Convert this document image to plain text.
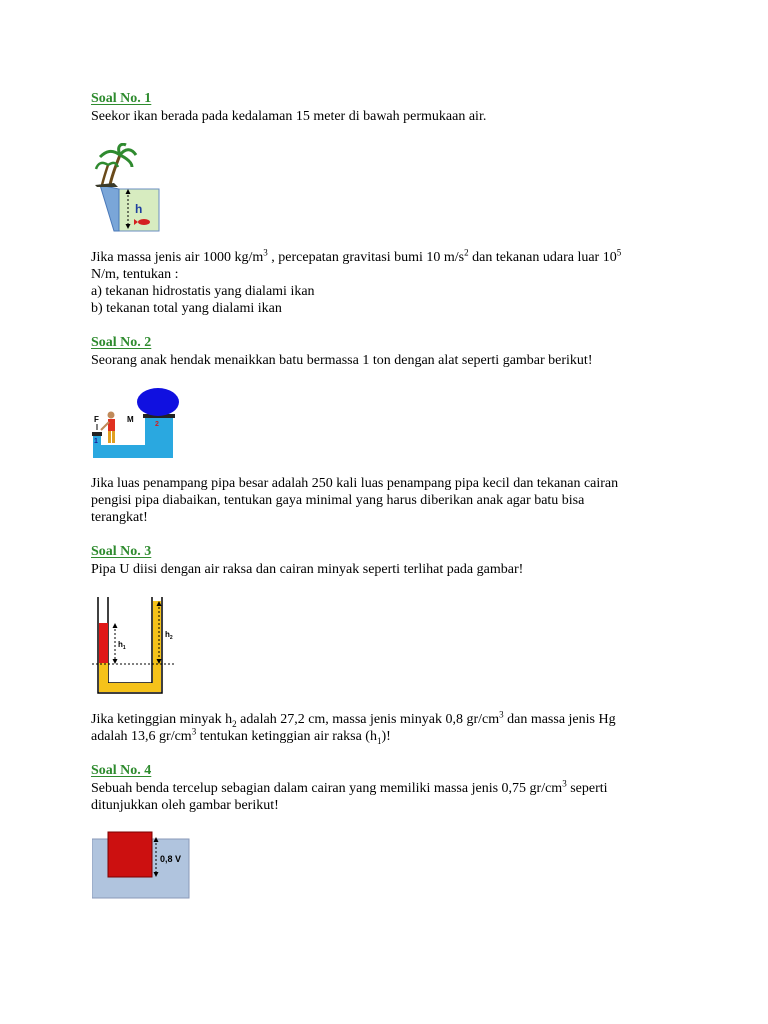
Soal No. 1
Seekor ikan berada pada kedalaman 15 meter di bawah permukaan air.
h
Jika massa jenis air 1000 $kg/m^3$ , percepatan gravitasi bumi 10 $m/s^2$ dan tekanan udara luar $10^5$
N/m, tentukan :
a) tekanan hidrostatis yang dialami ikan
b) tekanan total yang dialami ikan
Soal No. 2
Seorang anak hendak menaikkan batu bermassa 1 ton dengan alat seperti gambar berikut!
F	M
1
2
Jika luas penampang pipa besar adalah 250 kali luas penampang pipa kecil dan tekanan cairan
pengisi pipa diabaikan, tentukan gaya minimal yang harus diberikan anak agar batu bisa
terangkat!
Soal No. 3
Pipa U diisi dengan air raksa dan cairan minyak seperti terlihat pada gambar!
$h_1$
$h_2$
Jika ketinggian minyak $h_2$ adalah 27,2 cm, massa jenis minyak 0,8 $gr/cm^3$ dan massa jenis Hg
adalah 13,6 $gr/cm^3$ tentukan ketinggian air raksa $(h_1)$!
Soal No. 4
Sebuah benda tercelup sebagian dalam cairan yang memiliki massa jenis 0,75 $gr/cm^3$ seperti
ditunjukkan oleh gambar berikut!
0,8 V
